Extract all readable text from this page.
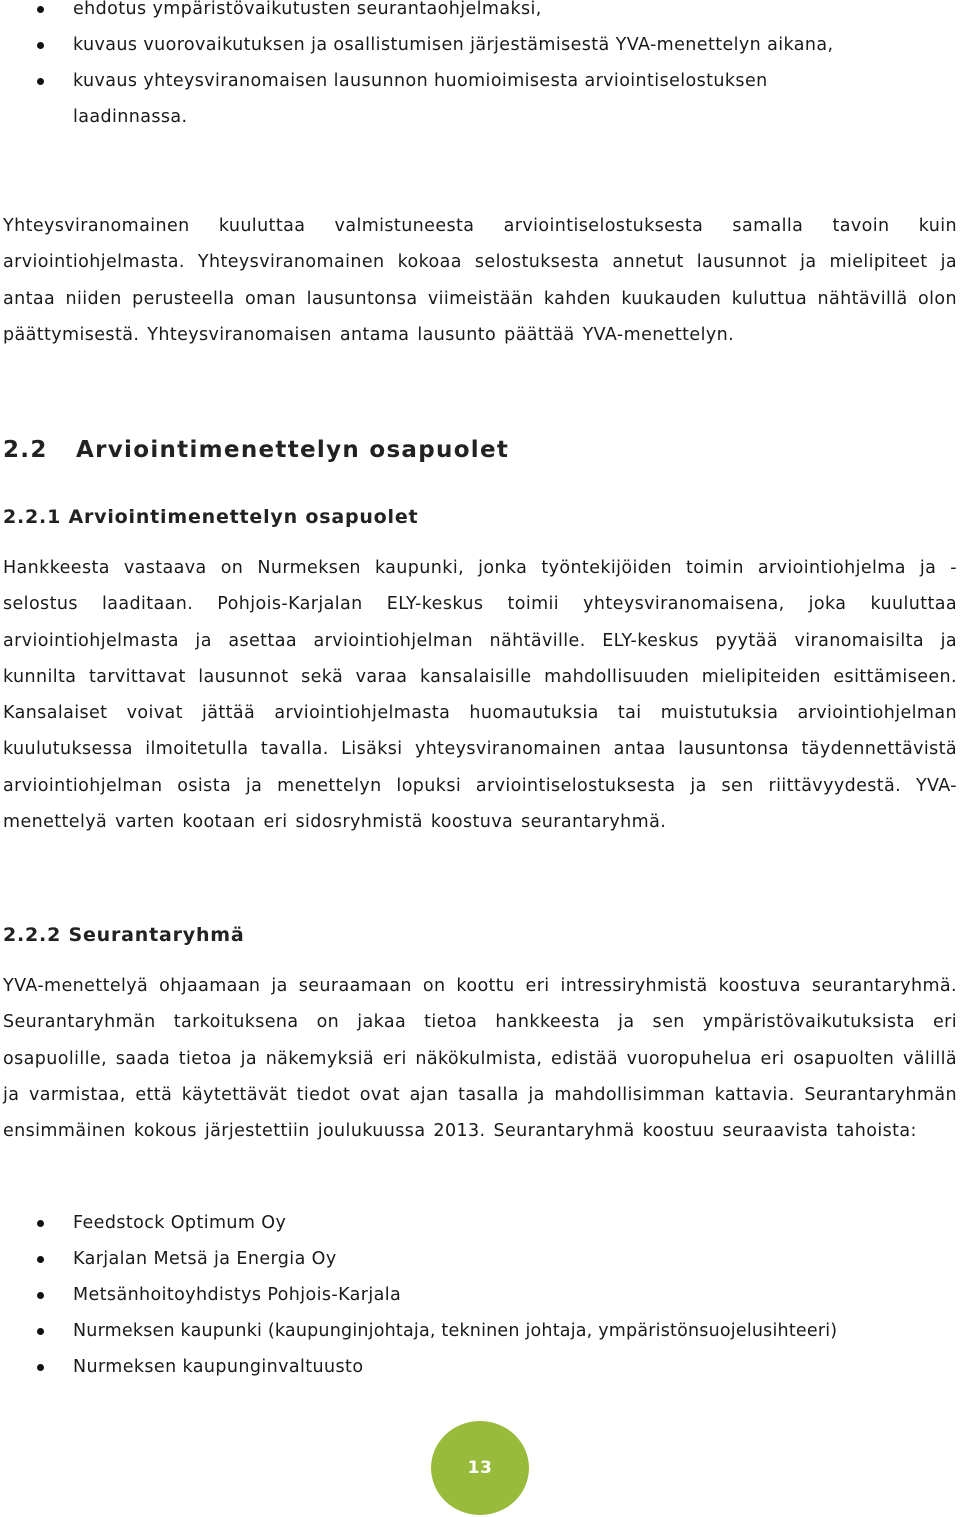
ehdotus ympäristövaikutusten seurantaohjelmaksi,
kuvaus vuorovaikutuksen ja osallistumisen järjestämisestä YVA-menettelyn aikana,
kuvaus yhteysviranomaisen lausunnon huomioimisesta arviointiselostuksen laadinnassa.

Yhteysviranomainen kuuluttaa valmistuneesta arviointiselostuksesta samalla tavoin kuin arviointiohjelmasta. Yhteysviranomainen kokoaa selostuksesta annetut lausunnot ja mielipiteet ja antaa niiden perusteella oman lausuntonsa viimeistään kahden kuukauden kuluttua nähtävillä olon päättymisestä. Yhteysviranomaisen antama lausunto päättää YVA-menettelyn.

2.2 Arviointimenettelyn osapuolet
2.2.1 Arviointimenettelyn osapuolet

Hankkeesta vastaava on Nurmeksen kaupunki, jonka työntekijöiden toimin arviointiohjelma ja -selostus laaditaan. Pohjois-Karjalan ELY-keskus toimii yhteysviranomaisena, joka kuuluttaa arviointiohjelmasta ja asettaa arviointiohjelman nähtäville. ELY-keskus pyytää viranomaisilta ja kunnilta tarvittavat lausunnot sekä varaa kansalaisille mahdollisuuden mielipiteiden esittämiseen. Kansalaiset voivat jättää arviointiohjelmasta huomautuksia tai muistutuksia arviointiohjelman kuulutuksessa ilmoitetulla tavalla. Lisäksi yhteysviranomainen antaa lausuntonsa täydennettävistä arviointiohjelman osista ja menettelyn lopuksi arviointiselostuksesta ja sen riittävyydestä. YVA-menettelyä varten kootaan eri sidosryhmistä koostuva seurantaryhmä.

2.2.2 Seurantaryhmä

YVA-menettelyä ohjaamaan ja seuraamaan on koottu eri intressiryhmistä koostuva seurantaryhmä. Seurantaryhmän tarkoituksena on jakaa tietoa hankkeesta ja sen ympäristövaikutuksista eri osapuolille, saada tietoa ja näkemyksiä eri näkökulmista, edistää vuoropuhelua eri osapuolten välillä ja varmistaa, että käytettävät tiedot ovat ajan tasalla ja mahdollisimman kattavia. Seurantaryhmän ensimmäinen kokous järjestettiin joulukuussa 2013. Seurantaryhmä koostuu seuraavista tahoista:

Feedstock Optimum Oy
Karjalan Metsä ja Energia Oy
Metsänhoitoyhdistys Pohjois-Karjala
Nurmeksen kaupunki (kaupunginjohtaja, tekninen johtaja, ympäristönsuojelusihteeri)
Nurmeksen kaupunginvaltuusto
13
